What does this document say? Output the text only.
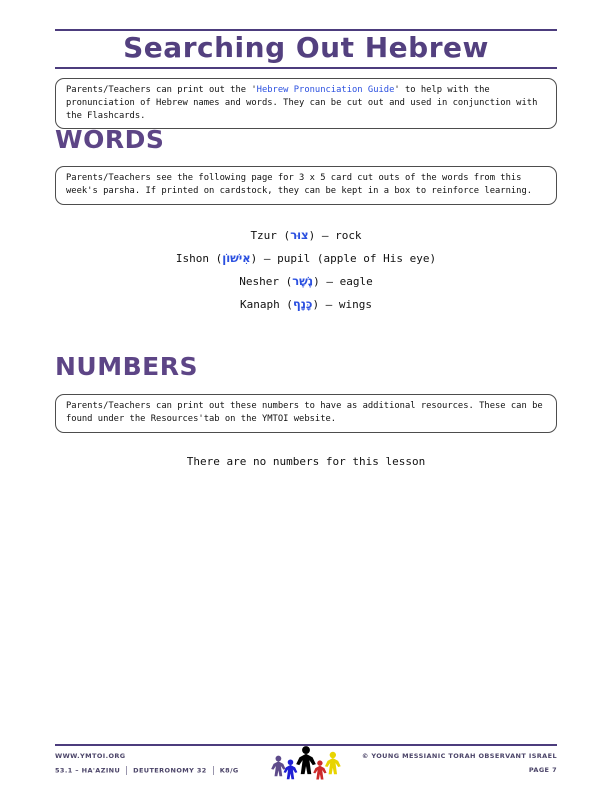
Searching Out Hebrew
Parents/Teachers can print out the 'Hebrew Pronunciation Guide' to help with the pronunciation of Hebrew names and words. They can be cut out and used in conjunction with the Flashcards.
WORDS
Parents/Teachers see the following page for 3 x 5 card cut outs of the words from this week's parsha. If printed on cardstock, they can be kept in a box to reinforce learning.
Tzur (צוּר) – rock
Ishon (אִישׁוֹן) – pupil (apple of His eye)
Nesher (נֶשֶׁר) – eagle
Kanaph (כָּנָף) – wings
NUMBERS
Parents/Teachers can print out these numbers to have as additional resources. These can be found under the Resources'tab on the YMTOI website.
There are no numbers for this lesson
WWW.YMTOI.ORG
53.1 – HA'AZINU DEUTERONOMY 32 K8/G
© YOUNG MESSIANIC TORAH OBSERVANT ISRAEL
PAGE 7
